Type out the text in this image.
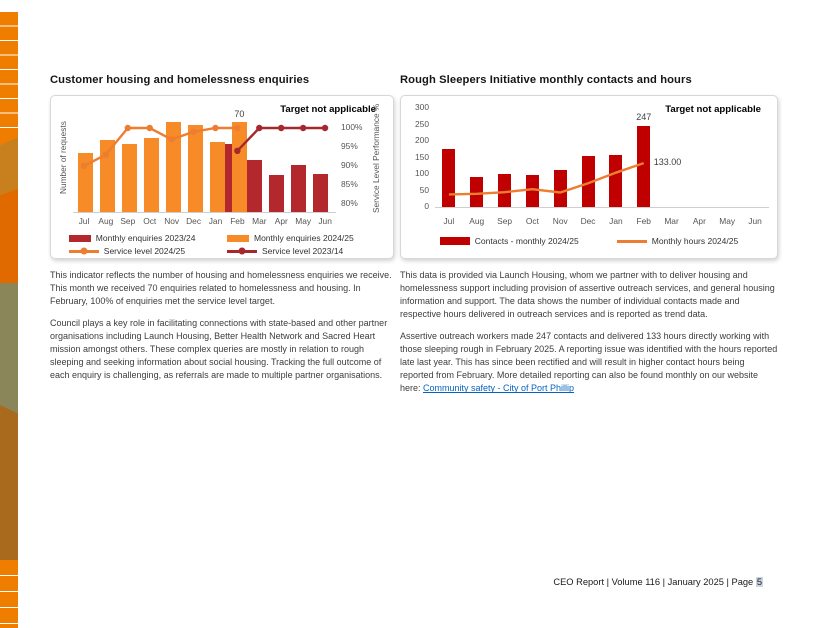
Customer housing and homelessness enquiries
Number of requests
Target not applicable
70
100%
95%
90%
85%
80% Service Level Performance %
Jul	Aug Sep Oct Nov Dec Jan Feb Mar Apr May Jun
Monthly enquiries 2023/24	Monthly enquiries 2024/25
Service level 2024/25	Service level 2023/14

This indicator reflects the number of housing and homelessness enquiries we receive. This month we received 70 enquiries related to homelessness and housing. In February, 100% of enquiries met the service level target.

Council plays a key role in facilitating connections with state-based and other partner organisations including Launch Housing, Better Health Network and Sacred Heart mission amongst others. These complex queries are mostly in relation to rough sleeping and seeking information about social housing. Tracking the full outcome of each enquiry is challenging, as referrals are made to multiple partner organisations.

Rough Sleepers Initiative monthly contacts and hours
300
250
200
150
100
50
0
Target not applicable
247
133.00
Jul	Aug	Sep	Oct	Nov	Dec	Jan	Feb	Mar	Apr	May	Jun
Contacts - monthly 2024/25	Monthly hours 2024/25

This data is provided via Launch Housing, whom we partner with to deliver housing and homelessness support including provision of assertive outreach services, and general housing information and support. The data shows the number of individual contacts made and respective hours delivered in outreach services and is reported as trend data.

Assertive outreach workers made 247 contacts and delivered 133 hours directly working with those sleeping rough in February 2025. A reporting issue was identified with the hours reported late last year. This has since been rectified and will result in higher contact hours being reported from February. More detailed reporting can also be found monthly on our website here: Community safety - City of Port Phillip

CEO Report | Volume 116 | January 2025 | Page 5
